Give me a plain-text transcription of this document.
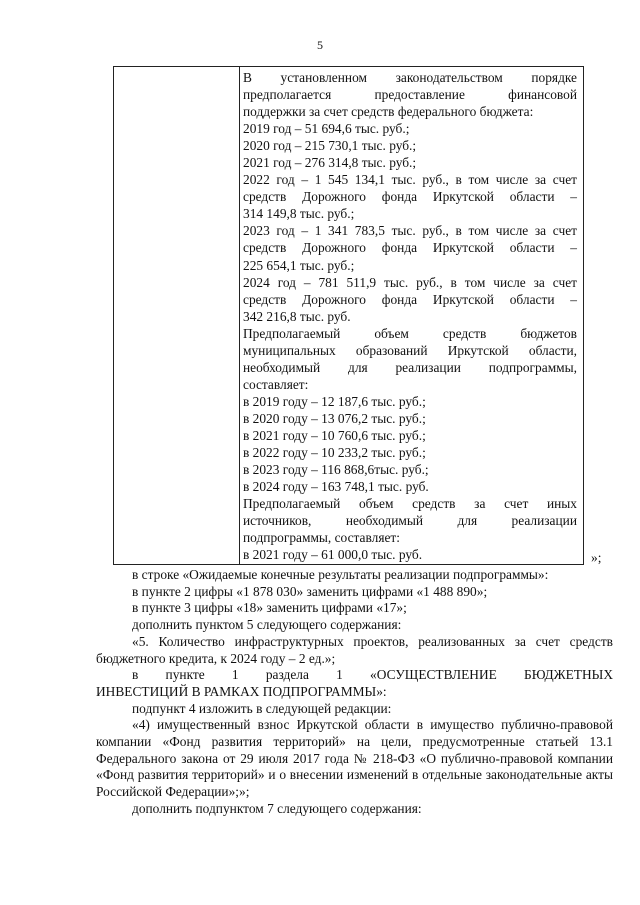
5

В установленном законодательством порядке

предполагается предоставление финансовой

поддержки за счет средств федерального бюджета:

2019 год – 51 694,6 тыс. руб.;

2020 год – 215 730,1 тыс. руб.;

2021 год – 276 314,8 тыс. руб.;

2022 год – 1 545 134,1 тыс. руб., в том числе за счет

средств Дорожного фонда Иркутской области –

314 149,8 тыс. руб.;

2023 год – 1 341 783,5 тыс. руб., в том числе за счет

средств Дорожного фонда Иркутской области –

225 654,1 тыс. руб.;

2024 год – 781 511,9 тыс. руб., в том числе за счет

средств Дорожного фонда Иркутской области –

342 216,8 тыс. руб.

Предполагаемый объем средств бюджетов

муниципальных образований Иркутской области,

необходимый для реализации подпрограммы,

составляет:

в 2019 году – 12 187,6 тыс. руб.;

в 2020 году – 13 076,2 тыс. руб.;

в 2021 году – 10 760,6 тыс. руб.;

в 2022 году – 10 233,2 тыс. руб.;

в 2023 году – 116 868,6тыс. руб.;

в 2024 году – 163 748,1 тыс. руб.

Предполагаемый объем средств за счет иных

источников, необходимый для реализации

подпрограммы, составляет:

в 2021 году – 61 000,0 тыс. руб.	»;

в строке «Ожидаемые конечные результаты реализации подпрограммы»:

в пункте 2 цифры «1 878 030» заменить цифрами «1 488 890»;

в пункте 3 цифры «18» заменить цифрами «17»;

дополнить пунктом 5 следующего содержания:

«5. Количество инфраструктурных проектов, реализованных за счет средств бюджетного кредита, к 2024 году – 2 ед.»;

в пункте 1 раздела 1 «ОСУЩЕСТВЛЕНИЕ БЮДЖЕТНЫХ

ИНВЕСТИЦИЙ В РАМКАХ ПОДПРОГРАММЫ»:

подпункт 4 изложить в следующей редакции:

«4) имущественный взнос Иркутской области в имущество публично-правовой компании «Фонд развития территорий» на цели, предусмотренные статьей 13.1 Федерального закона от 29 июля 2017 года № 218-ФЗ «О публично-правовой компании «Фонд развития территорий» и о внесении изменений в отдельные законодательные акты Российской Федерации»;»;

дополнить подпунктом 7 следующего содержания:
